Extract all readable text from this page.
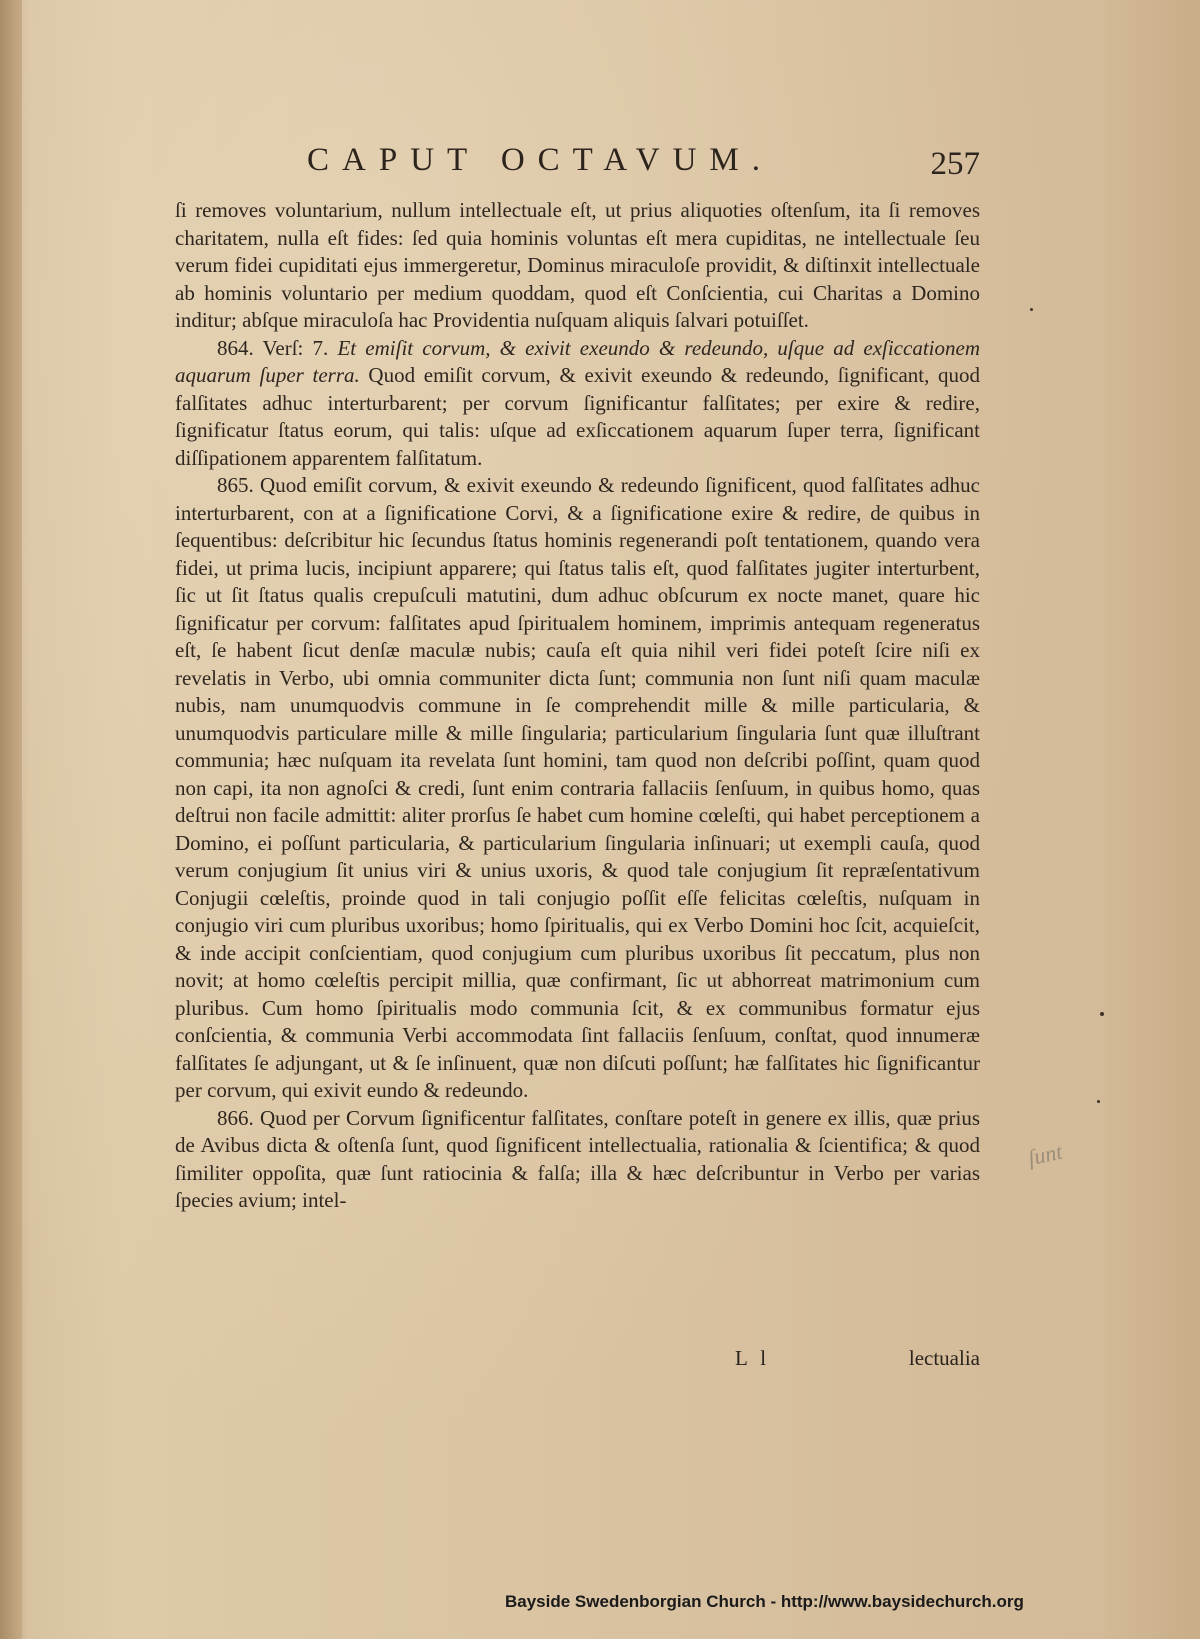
CAPUT OCTAVUM.	257

ſi removes voluntarium, nullum intellectuale eſt, ut prius aliquoties oſtenſum, ita ſi removes charitatem, nulla eſt fides: ſed quia hominis voluntas eſt mera cupiditas, ne intellectuale ſeu verum fidei cupiditati ejus immergeretur, Dominus miraculoſe providit, & diſtinxit intellectuale ab hominis voluntario per medium quoddam, quod eſt Conſcientia, cui Charitas a Domino inditur; abſque miraculoſa hac Providentia nuſquam aliquis ſalvari potuiſſet.

864. Verſ: 7. Et emiſit corvum, & exivit exeundo & redeundo, uſque ad exſiccationem aquarum ſuper terra. Quod emiſit corvum, & exivit exeundo & redeundo, ſignificant, quod falſitates adhuc interturbarent; per corvum ſignificantur falſitates; per exire & redire, ſignificatur ſtatus eorum, qui talis: uſque ad exſiccationem aquarum ſuper terra, ſignificant diſſipationem apparentem falſitatum.

865. Quod emiſit corvum, & exivit exeundo & redeundo ſignificent, quod falſitates adhuc interturbarent, con at a ſignificatione Corvi, & a ſignificatione exire & redire, de quibus in ſequentibus: deſcribitur hic ſecundus ſtatus hominis regenerandi poſt tentationem, quando vera fidei, ut prima lucis, incipiunt apparere; qui ſtatus talis eſt, quod falſitates jugiter interturbent, ſic ut ſit ſtatus qualis crepuſculi matutini, dum adhuc obſcurum ex nocte manet, quare hic ſignificatur per corvum: falſitates apud ſpiritualem hominem, imprimis antequam regeneratus eſt, ſe habent ſicut denſæ maculæ nubis; cauſa eſt quia nihil veri fidei poteſt ſcire niſi ex revelatis in Verbo, ubi omnia communiter dicta ſunt; communia non ſunt niſi quam maculæ nubis, nam unumquodvis commune in ſe comprehendit mille & mille particularia, & unumquodvis particulare mille & mille ſingularia; particularium ſingularia ſunt quæ illuſtrant communia; hæc nuſquam ita revelata ſunt homini, tam quod non deſcribi poſſint, quam quod non capi, ita non agnoſci & credi, ſunt enim contraria fallaciis ſenſuum, in quibus homo, quas deſtrui non facile admittit: aliter prorſus ſe habet cum homine cœleſti, qui habet perceptionem a Domino, ei poſſunt particularia, & particularium ſingularia inſinuari; ut exempli cauſa, quod verum conjugium ſit unius viri & unius uxoris, & quod tale conjugium ſit repræſentativum Conjugii cœleſtis, proinde quod in tali conjugio poſſit eſſe felicitas cœleſtis, nuſquam in conjugio viri cum pluribus uxoribus; homo ſpiritualis, qui ex Verbo Domini hoc ſcit, acquieſcit, & inde accipit conſcientiam, quod conjugium cum pluribus uxoribus ſit peccatum, plus non novit; at homo cœleſtis percipit millia, quæ confirmant, ſic ut abhorreat matrimonium cum pluribus. Cum homo ſpiritualis modo communia ſcit, & ex communibus formatur ejus conſcientia, & communia Verbi accommodata ſint fallaciis ſenſuum, conſtat, quod innumeræ falſitates ſe adjungant, ut & ſe inſinuent, quæ non diſcuti poſſunt; hæ falſitates hic ſignificantur per corvum, qui exivit eundo & redeundo.

866. Quod per Corvum ſignificentur falſitates, conſtare poteſt in genere ex illis, quæ prius de Avibus dicta & oſtenſa ſunt, quod ſignificent intellectualia, rationalia & ſcientifica; & quod ſimiliter oppoſita, quæ ſunt ratiocinia & falſa; illa & hæc deſcribuntur in Verbo per varias ſpecies avium; intel-

L l	lectualia
ſunt
Bayside Swedenborgian Church - http://www.baysidechurch.org
